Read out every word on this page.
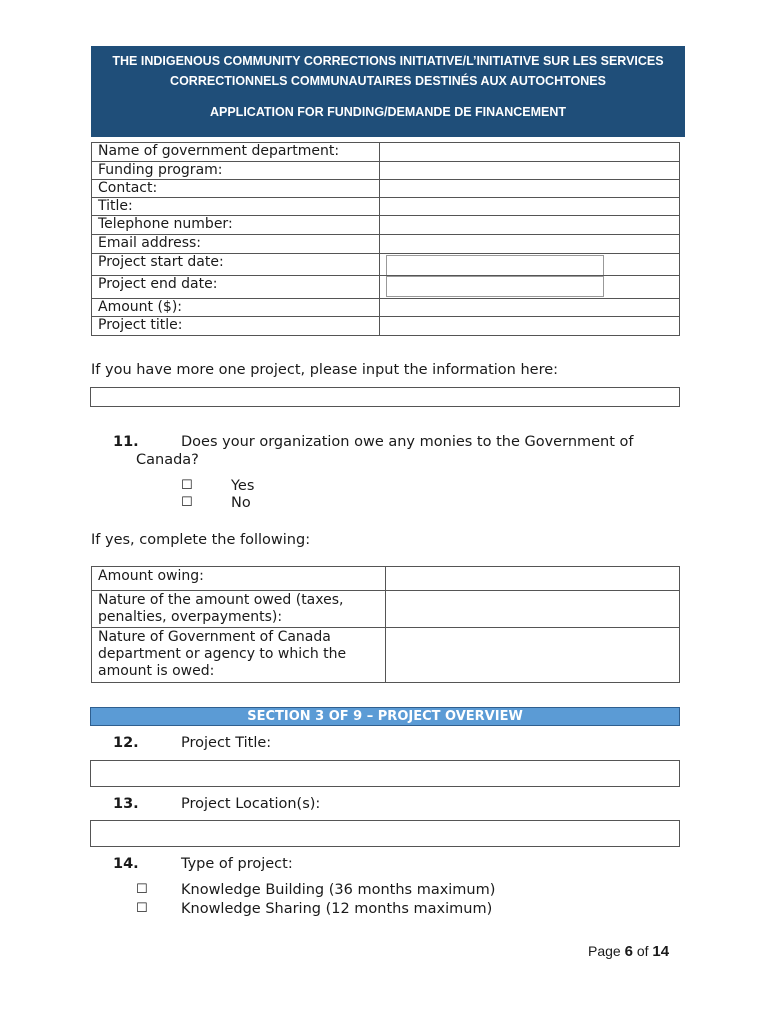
THE INDIGENOUS COMMUNITY CORRECTIONS INITIATIVE/L’INITIATIVE SUR LES SERVICES
CORRECTIONNELS COMMUNAUTAIRES DESTINÉS AUX AUTOCHTONES
APPLICATION FOR FUNDING/DEMANDE DE FINANCEMENT
Name of government department:
Funding program:
Contact:
Title:
Telephone number:
Email address:
Project start date:
Project end date:
Amount ($):
Project title:
If you have more one project, please input the information here:
11.	Does your organization owe any monies to the Government of
Canada?
☐	Yes
☐	No
If yes, complete the following:
Amount owing:
Nature of the amount owed (taxes,
penalties, overpayments):
Nature of Government of Canada
department or agency to which the
amount is owed:
SECTION 3 OF 9 – PROJECT OVERVIEW
12.	Project Title:
13.	Project Location(s):
14.	Type of project:
☐ Knowledge Building (36 months maximum)
☐ Knowledge Sharing (12 months maximum)
Page 6 of 14
